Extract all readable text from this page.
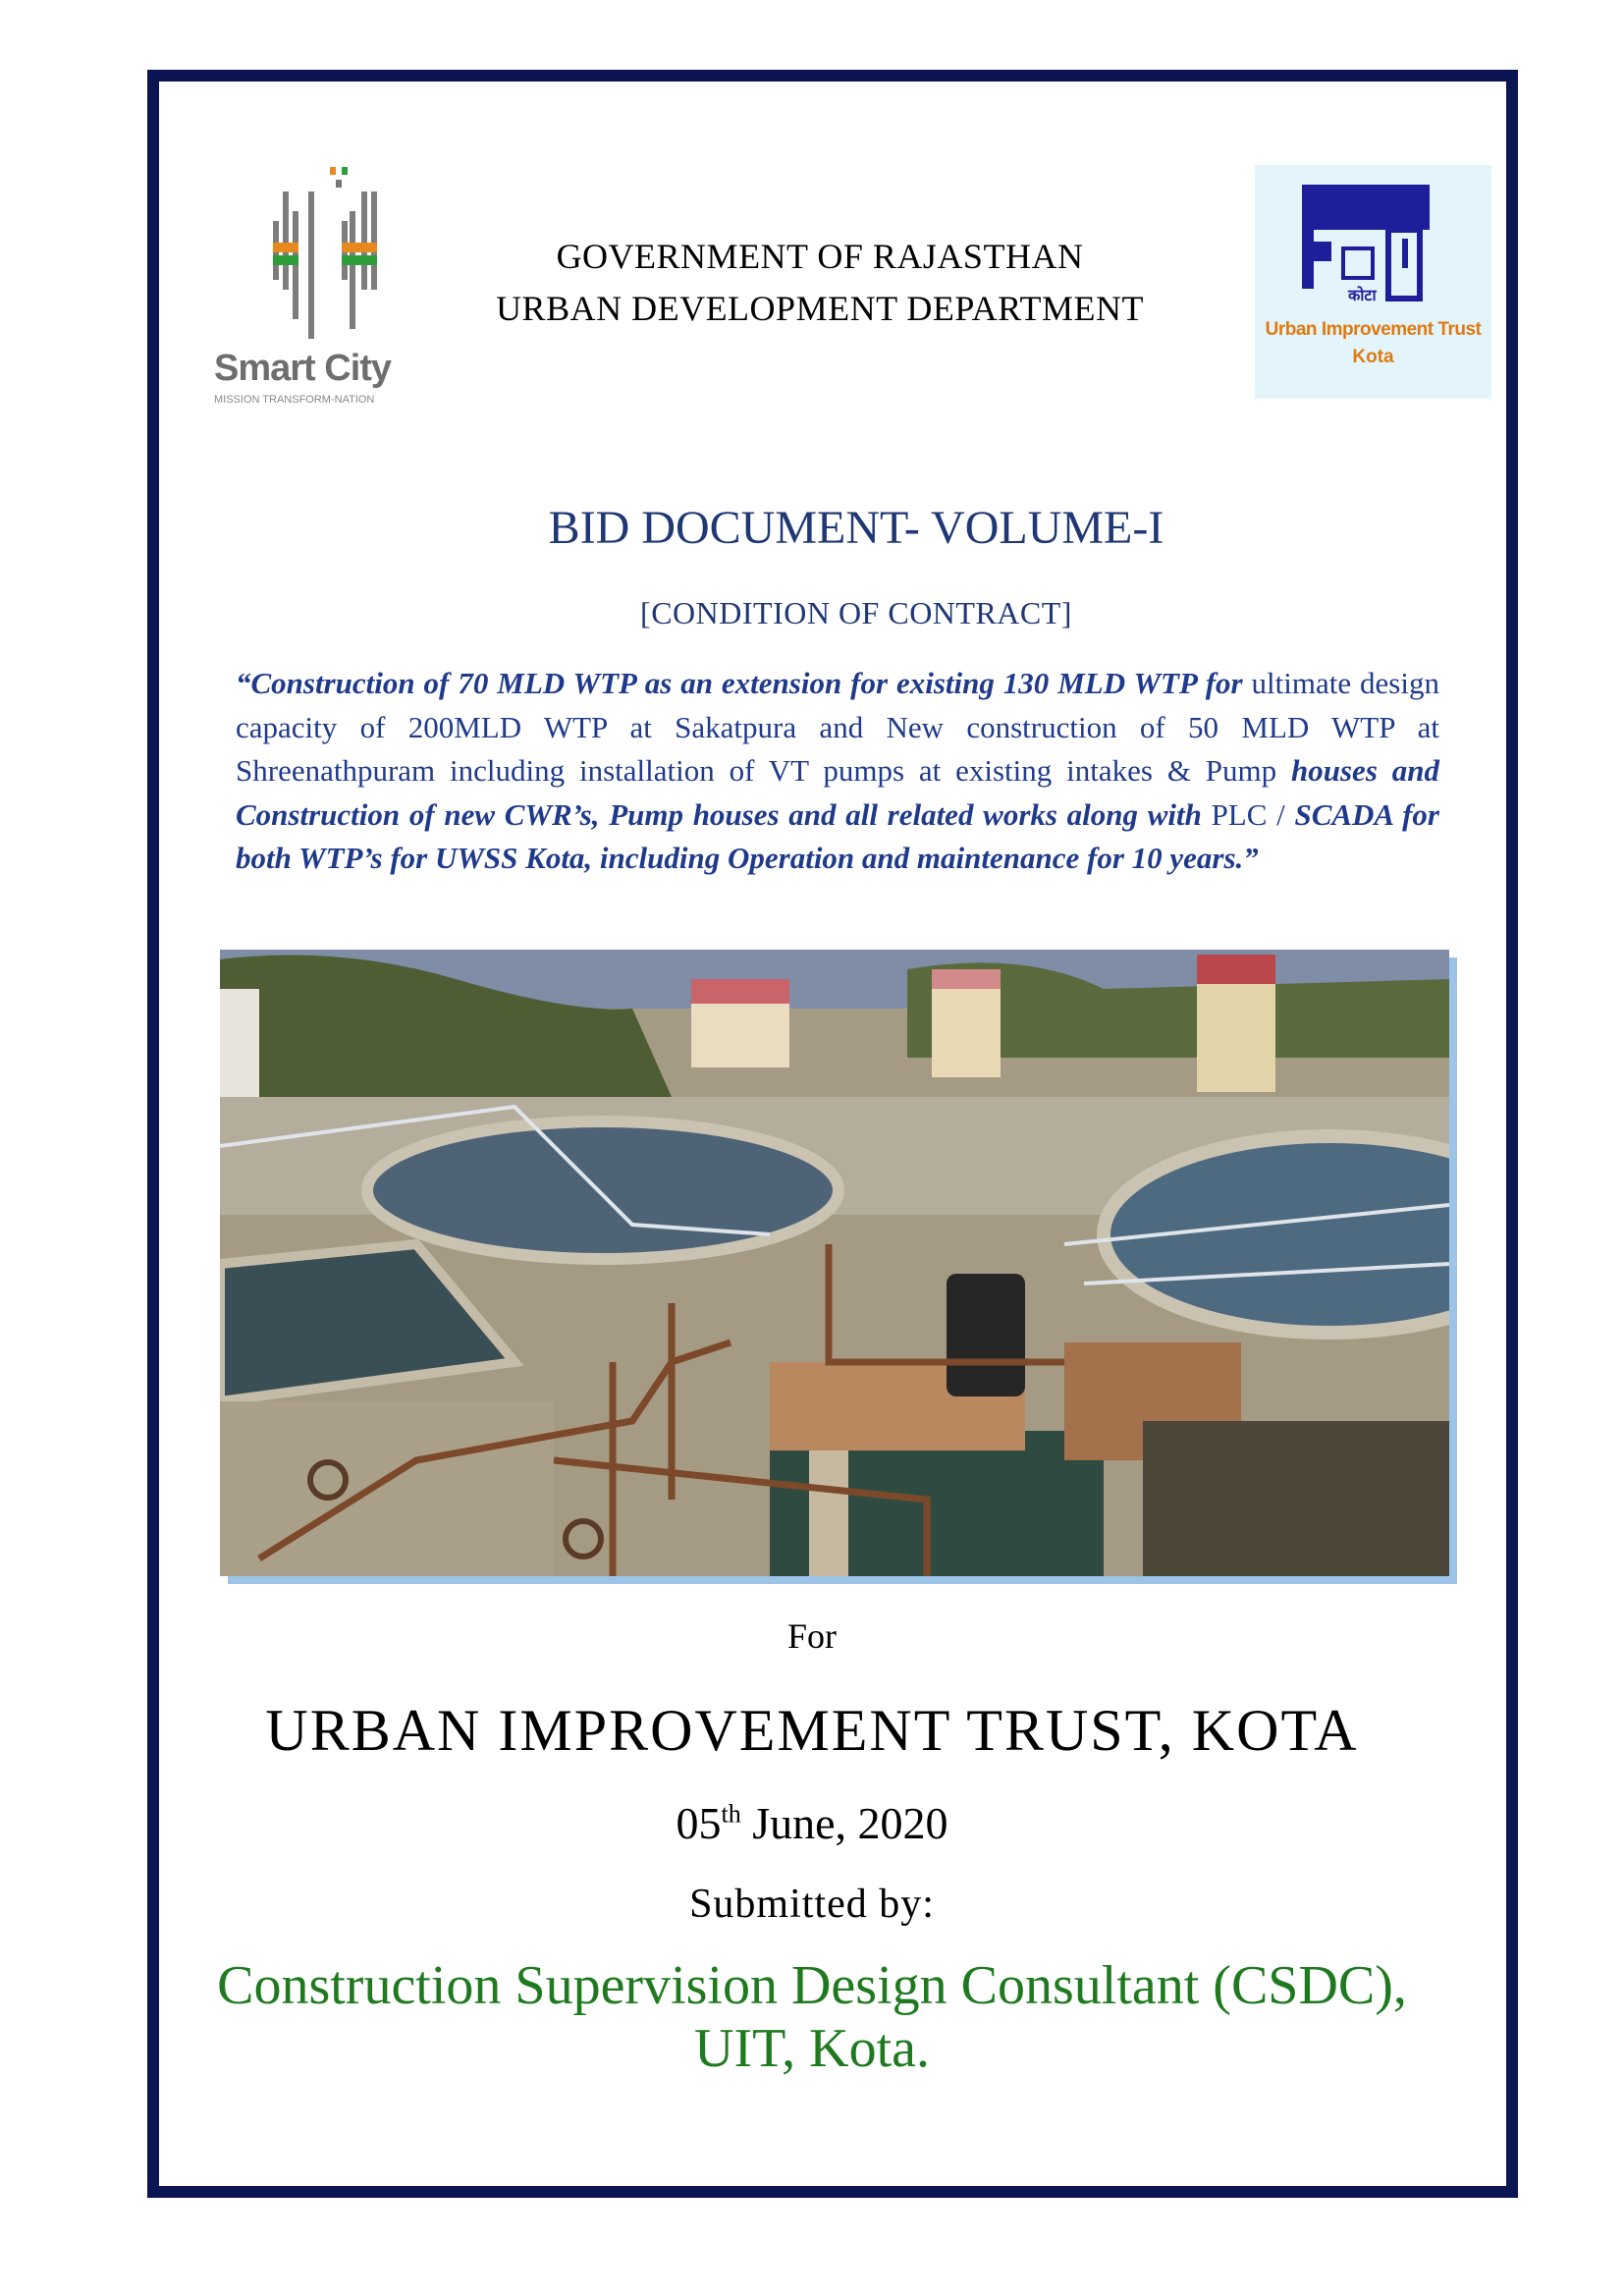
Smart City
MISSION TRANSFORM-NATION
कोटा
Urban Improvement Trust
Kota
GOVERNMENT OF RAJASTHAN
URBAN DEVELOPMENT DEPARTMENT
BID DOCUMENT- VOLUME-I
[CONDITION OF CONTRACT]
“Construction of 70 MLD WTP as an extension for existing 130 MLD WTP for ultimate design capacity of 200MLD WTP at Sakatpura and New construction of 50 MLD WTP at Shreenathpuram including installation of VT pumps at existing intakes & Pump houses and Construction of new CWR’s, Pump houses and all related works along with PLC / SCADA for both WTP’s for UWSS Kota, including Operation and maintenance for 10 years.”
For
URBAN IMPROVEMENT TRUST, KOTA
05th June, 2020
Submitted by:
Construction Supervision Design Consultant (CSDC),
UIT, Kota.
